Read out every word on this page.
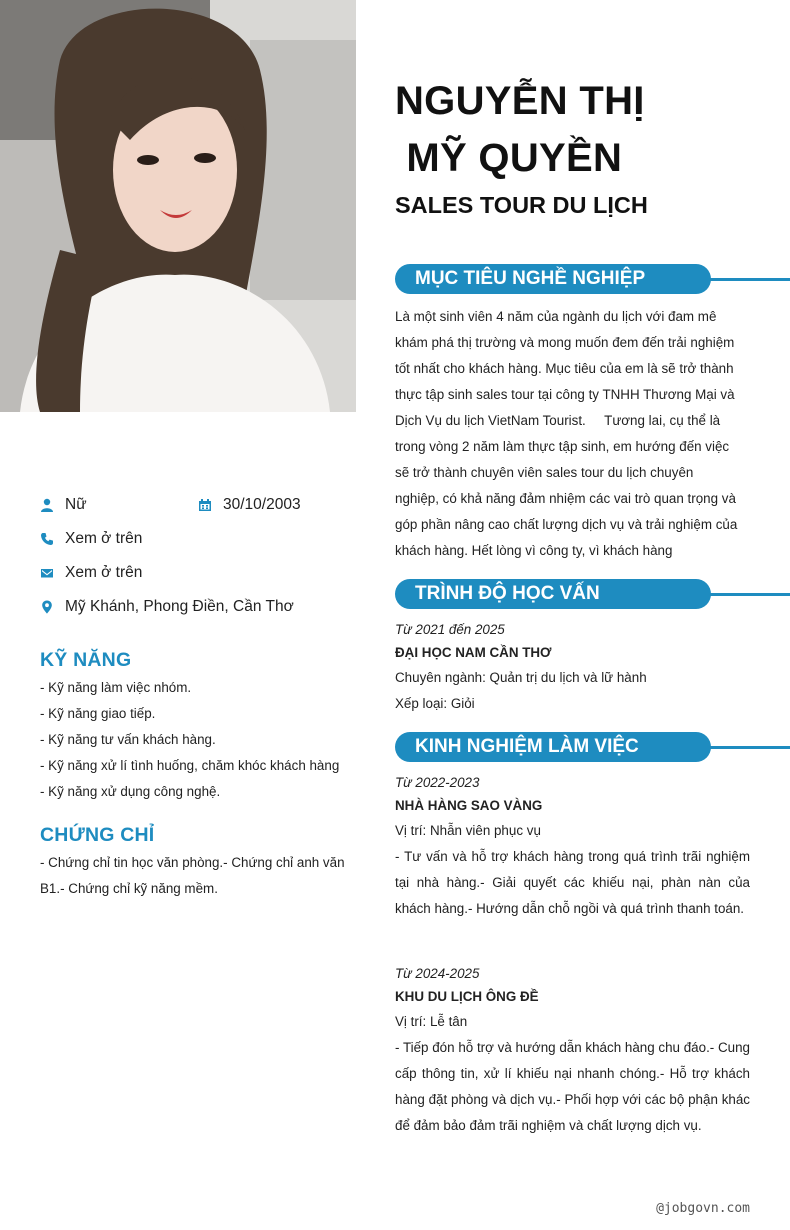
NGUYỄN THỊ
MỸ QUYỀN
SALES TOUR DU LỊCH
Nữ	30/10/2003
Xem ở trên
Xem ở trên
Mỹ Khánh, Phong Điền, Cần Thơ
KỸ NĂNG
- Kỹ năng làm việc nhóm.
- Kỹ năng giao tiếp.
- Kỹ năng tư vấn khách hàng.
- Kỹ năng xử lí tình huống, chăm khóc khách hàng
- Kỹ năng xử dụng công nghệ.
CHỨNG CHỈ
- Chứng chỉ tin học văn phòng.- Chứng chỉ anh văn B1.- Chứng chỉ kỹ năng mềm.
MỤC TIÊU NGHỀ NGHIỆP
Là một sinh viên 4 năm của ngành du lịch với đam mê
khám phá thị trường và mong muốn đem đến trải nghiệm
tốt nhất cho khách hàng. Mục tiêu của em là sẽ trở thành
thực tập sinh sales tour tại công ty TNHH Thương Mại và
Dịch Vụ du lịch VietNam Tourist.     Tương lai, cụ thể là
trong vòng 2 năm làm thực tập sinh, em hướng đến việc
sẽ trở thành chuyên viên sales tour du lịch chuyên
nghiệp, có khả năng đảm nhiệm các vai trò quan trọng và
góp phần nâng cao chất lượng dịch vụ và trải nghiệm của
khách hàng. Hết lòng vì công ty, vì khách hàng
TRÌNH ĐỘ HỌC VẤN
Từ 2021 đến 2025
ĐẠI HỌC NAM CẦN THƠ
Chuyên ngành: Quản trị du lịch và lữ hành
Xếp loại: Giỏi
KINH NGHIỆM LÀM VIỆC
Từ 2022-2023
NHÀ HÀNG SAO VÀNG
Vị trí: Nhẫn viên phục vụ
- Tư vấn và hỗ trợ khách hàng trong quá trình trãi nghiệm tại nhà hàng.- Giải quyết các khiếu nại, phàn nàn của khách hàng.- Hướng dẫn chỗ ngồi và quá trình thanh toán.
Từ 2024-2025
KHU DU LỊCH ÔNG ĐỀ
Vị trí: Lễ tân
- Tiếp đón hỗ trợ và hướng dẫn khách hàng chu đáo.- Cung cấp thông tin, xử lí khiếu nại nhanh chóng.- Hỗ trợ khách hàng đặt phòng và dịch vụ.- Phối hợp với các bộ phận khác để đảm bảo đảm trãi nghiệm và chất lượng dịch vụ.
@jobgovn.com
